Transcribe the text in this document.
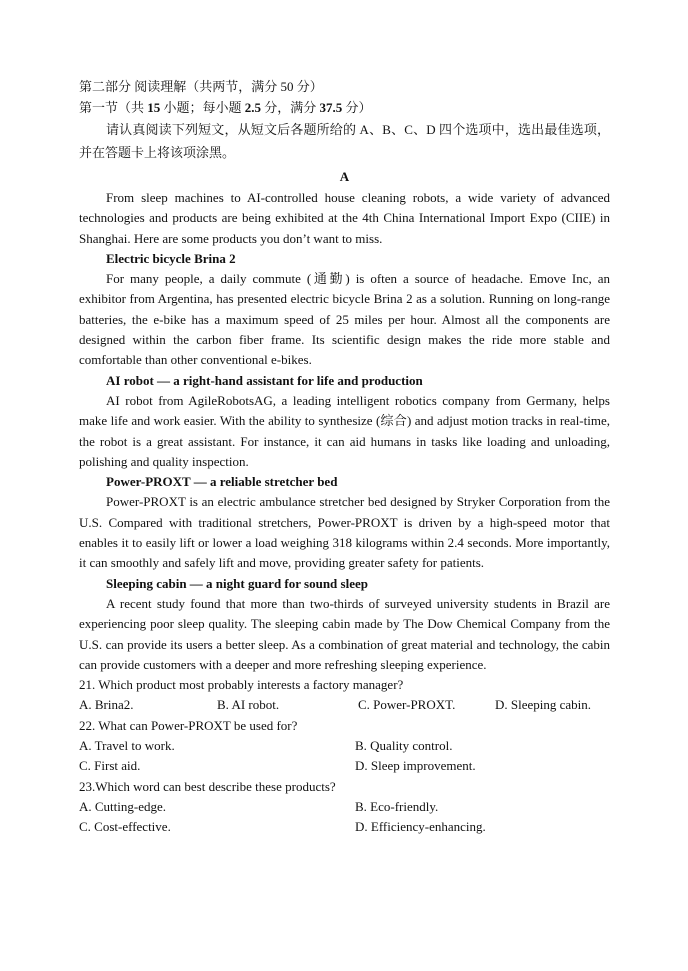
第二部分 阅读理解（共两节，满分 50 分）
第一节（共 15 小题；每小题 2.5 分，满分 37.5 分）

请认真阅读下列短文，从短文后各题所给的 A、B、C、D 四个选项中，选出最佳选项，并在答题卡上将该项涂黑。

A

From sleep machines to AI-controlled house cleaning robots, a wide variety of advanced technologies and products are being exhibited at the 4th China International Import Expo (CIIE) in Shanghai. Here are some products you don’t want to miss.

Electric bicycle Brina 2

For many people, a daily commute (通勤) is often a source of headache. Emove Inc, an exhibitor from Argentina, has presented electric bicycle Brina 2 as a solution. Running on long-range batteries, the e-bike has a maximum speed of 25 miles per hour. Almost all the components are designed within the carbon fiber frame. Its scientific design makes the ride more stable and comfortable than other conventional e-bikes.

AI robot — a right-hand assistant for life and production

AI robot from AgileRobotsAG, a leading intelligent robotics company from Germany, helps make life and work easier. With the ability to synthesize (综合) and adjust motion tracks in real-time, the robot is a great assistant. For instance, it can aid humans in tasks like loading and unloading, polishing and quality inspection.

Power-PROXT — a reliable stretcher bed

Power-PROXT is an electric ambulance stretcher bed designed by Stryker Corporation from the U.S. Compared with traditional stretchers, Power-PROXT is driven by a high-speed motor that enables it to easily lift or lower a load weighing 318 kilograms within 2.4 seconds. More importantly, it can smoothly and safely lift and move, providing greater safety for patients.

Sleeping cabin — a night guard for sound sleep

A recent study found that more than two-thirds of surveyed university students in Brazil are experiencing poor sleep quality. The sleeping cabin made by The Dow Chemical Company from the U.S. can provide its users a better sleep. As a combination of great material and technology, the cabin can provide customers with a deeper and more refreshing sleeping experience.

21. Which product most probably interests a factory manager?
A. Brina2.	B. AI robot.	C. Power-PROXT.	D. Sleeping cabin.
22. What can Power-PROXT be used for?
A. Travel to work.	B. Quality control.
C. First aid.	D. Sleep improvement.
23.Which word can best describe these products?
A. Cutting-edge.	B. Eco-friendly.
C. Cost-effective.	D. Efficiency-enhancing.
